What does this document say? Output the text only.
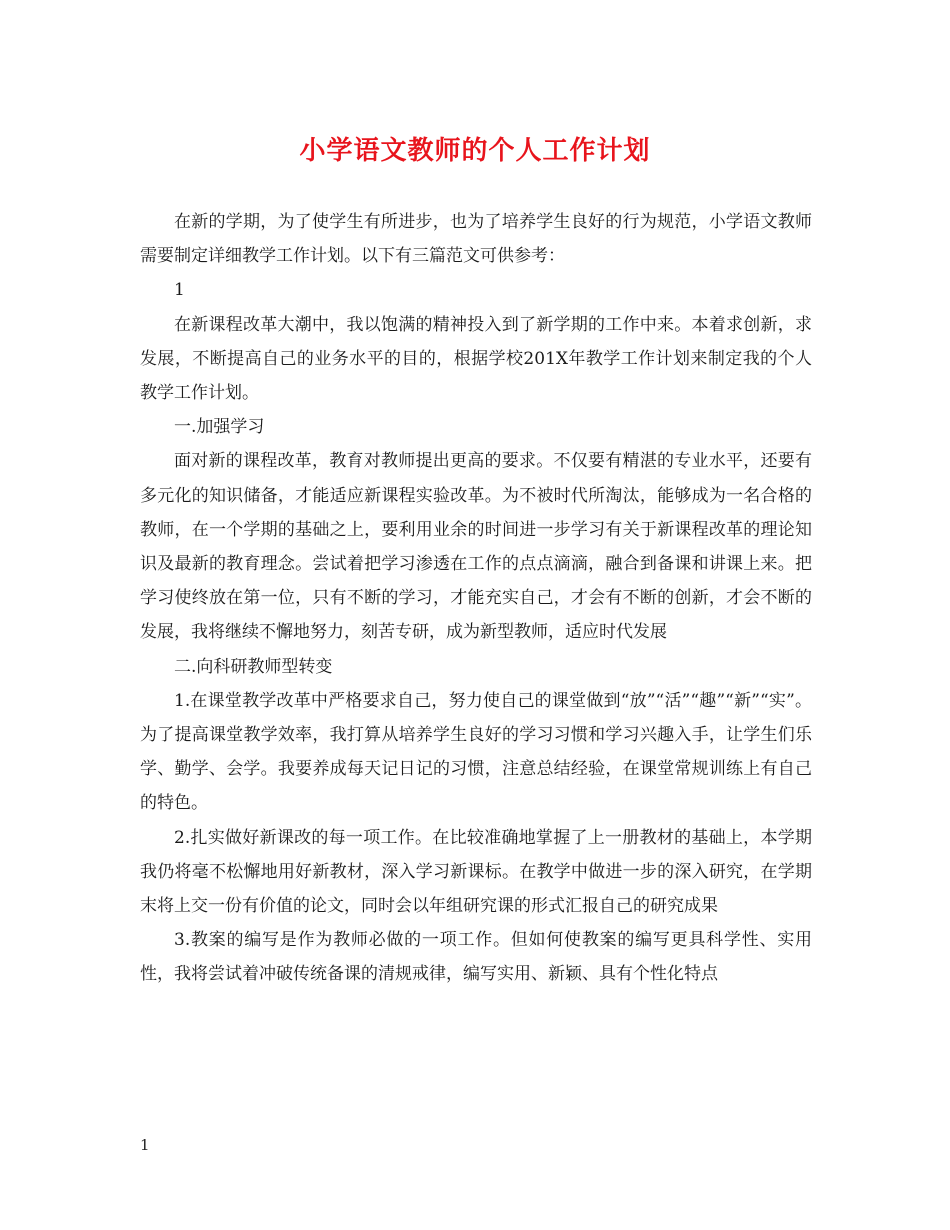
小学语文教师的个人工作计划

在新的学期，为了使学生有所进步，也为了培养学生良好的行为规范，小学语文教师需要制定详细教学工作计划。以下有三篇范文可供参考：

1

在新课程改革大潮中，我以饱满的精神投入到了新学期的工作中来。本着求创新，求发展，不断提高自己的业务水平的目的，根据学校201X年教学工作计划来制定我的个人教学工作计划。

一.加强学习

面对新的课程改革，教育对教师提出更高的要求。不仅要有精湛的专业水平，还要有多元化的知识储备，才能适应新课程实验改革。为不被时代所淘汰，能够成为一名合格的教师，在一个学期的基础之上，要利用业余的时间进一步学习有关于新课程改革的理论知识及最新的教育理念。尝试着把学习渗透在工作的点点滴滴，融合到备课和讲课上来。把学习使终放在第一位，只有不断的学习，才能充实自己，才会有不断的创新，才会不断的发展，我将继续不懈地努力，刻苦专研，成为新型教师，适应时代发展

二.向科研教师型转变

1.在课堂教学改革中严格要求自己，努力使自己的课堂做到“放”“活”“趣”“新”“实”。为了提高课堂教学效率，我打算从培养学生良好的学习习惯和学习兴趣入手，让学生们乐学、勤学、会学。我要养成每天记日记的习惯，注意总结经验，在课堂常规训练上有自己的特色。

2.扎实做好新课改的每一项工作。在比较准确地掌握了上一册教材的基础上，本学期我仍将毫不松懈地用好新教材，深入学习新课标。在教学中做进一步的深入研究，在学期末将上交一份有价值的论文，同时会以年组研究课的形式汇报自己的研究成果

3.教案的编写是作为教师必做的一项工作。但如何使教案的编写更具科学性、实用性，我将尝试着冲破传统备课的清规戒律，编写实用、新颖、具有个性化特点

1
